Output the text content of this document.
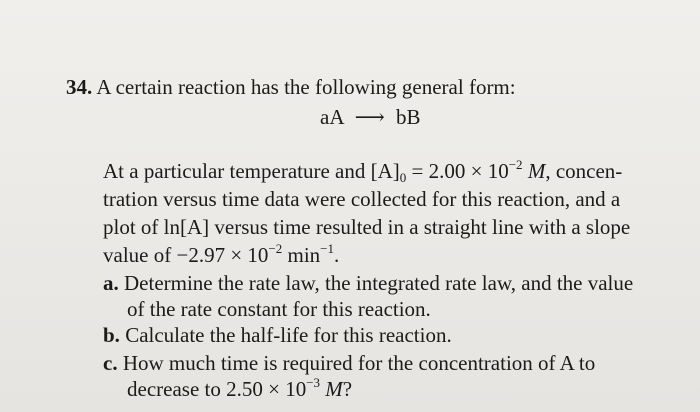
34. A certain reaction has the following general form:
aA ⟶ bB
At a particular temperature and $[A]_0 = 2.00 \times 10^{-2}$ M, concen-
tration versus time data were collected for this reaction, and a
plot of ln[A] versus time resulted in a straight line with a slope
value of $-2.97 \times 10^{-2}$ $\min^{-1}$.
a. Determine the rate law, the integrated rate law, and the value
of the rate constant for this reaction.
b. Calculate the half-life for this reaction.
c. How much time is required for the concentration of A to
decrease to $2.50 \times 10^{-3}$ M?
